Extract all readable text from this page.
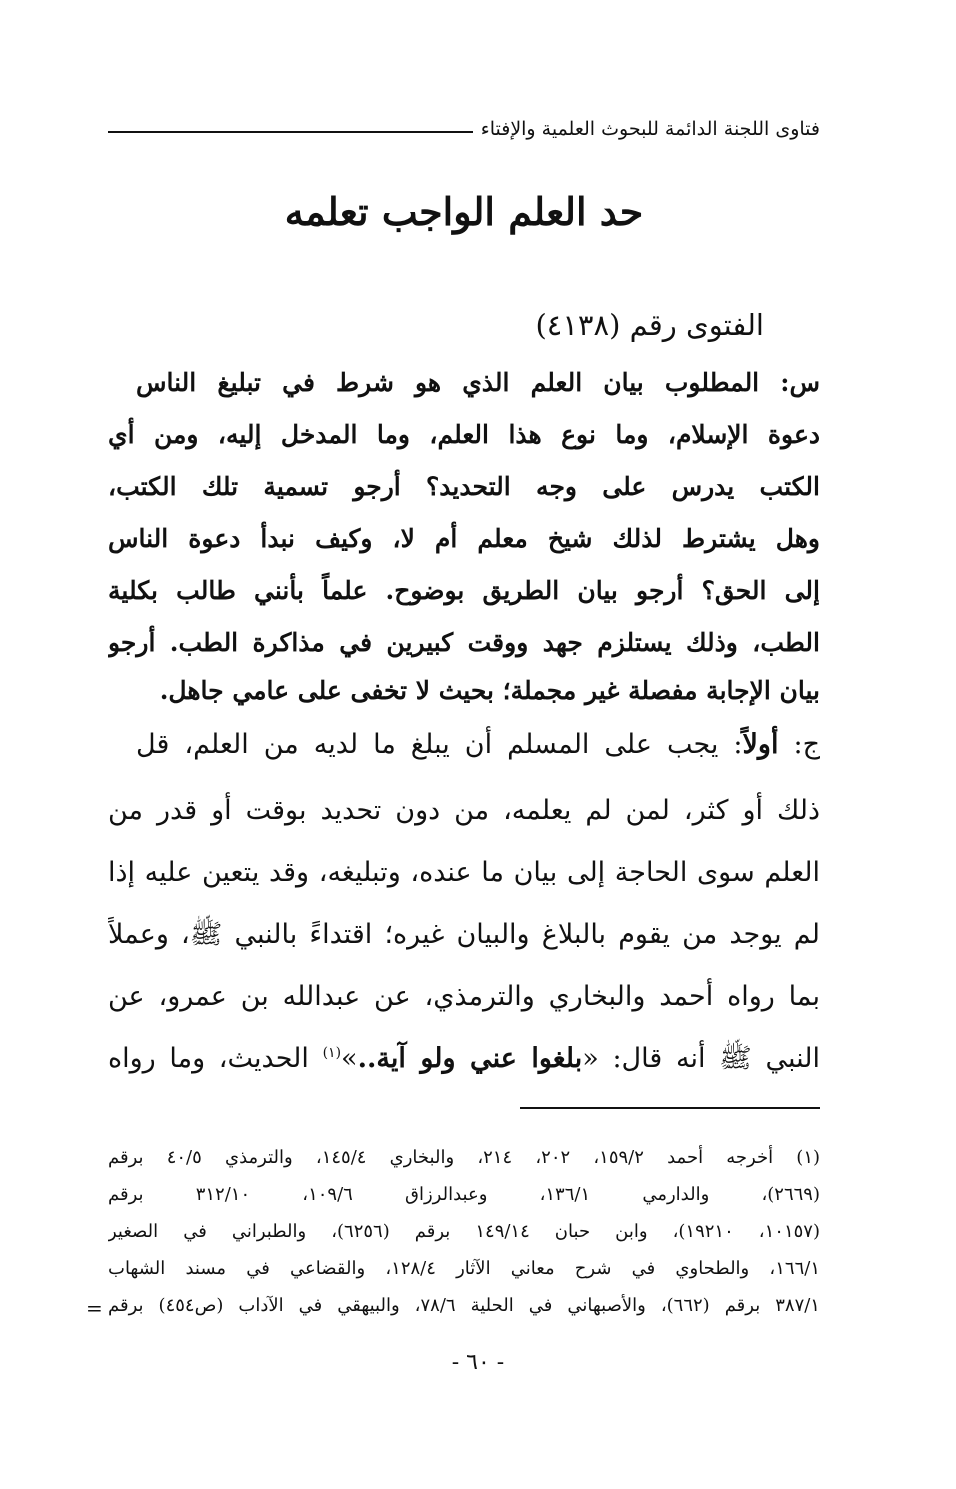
فتاوى اللجنة الدائمة للبحوث العلمية والإفتاء
حد العلم الواجب تعلمه
الفتوى رقم (٤١٣٨)
س: المطلوب بيان العلم الذي هو شرط في تبليغ الناس
دعوة الإسلام، وما نوع هذا العلم، وما المدخل إليه، ومن أي
الكتب يدرس على وجه التحديد؟ أرجو تسمية تلك الكتب،
وهل يشترط لذلك شيخ معلم أم لا، وكيف نبدأ دعوة الناس
إلى الحق؟ أرجو بيان الطريق بوضوح. علماً بأنني طالب بكلية
الطب، وذلك يستلزم جهد ووقت كبيرين في مذاكرة الطب. أرجو
بيان الإجابة مفصلة غير مجملة؛ بحيث لا تخفى على عامي جاهل.
ج: أولاً: يجب على المسلم أن يبلغ ما لديه من العلم، قل
ذلك أو كثر، لمن لم يعلمه، من دون تحديد بوقت أو قدر من
العلم سوى الحاجة إلى بيان ما عنده، وتبليغه، وقد يتعين عليه إذا
لم يوجد من يقوم بالبلاغ والبيان غيره؛ اقتداءً بالنبي ﷺ، وعملاً
بما رواه أحمد والبخاري والترمذي، عن عبدالله بن عمرو، عن
النبي ﷺ أنه قال: «بلغوا عني ولو آية..»$^{(١)}$ الحديث، وما رواه
(١) أخرجه أحمد ١٥٩/٢، ٢٠٢، ٢١٤، والبخاري ١٤٥/٤، والترمذي ٤٠/٥ برقم
(٢٦٦٩)، والدارمي ١٣٦/١، وعبدالرزاق ١٠٩/٦، ٣١٢/١٠ برقم
(١٠١٥٧، ١٩٢١٠)، وابن حبان ١٤٩/١٤ برقم (٦٢٥٦)، والطبراني في الصغير
١٦٦/١، والطحاوي في شرح معاني الآثار ١٢٨/٤، والقضاعي في مسند الشهاب
٣٨٧/١ برقم (٦٦٢)، والأصبهاني في الحلية ٧٨/٦، والبيهقي في الآداب (ص٤٥٤) برقم
=
- ٦٠ -
